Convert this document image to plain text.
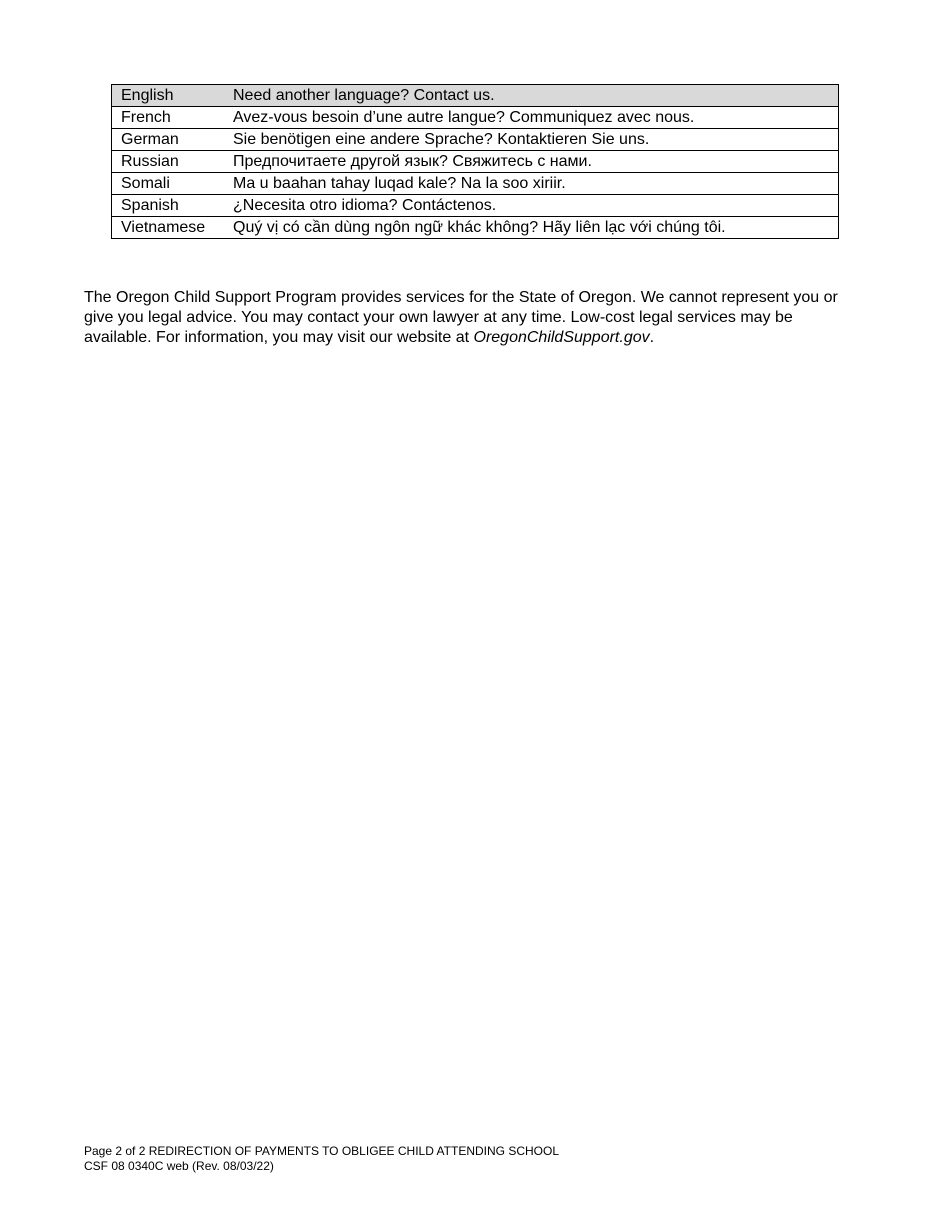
English	Need another language? Contact us.
French	Avez-vous besoin d’une autre langue? Communiquez avec nous.
German	Sie benötigen eine andere Sprache? Kontaktieren Sie uns.
Russian	Предпочитаете другой язык? Свяжитесь с нами.
Somali	Ma u baahan tahay luqad kale? Na la soo xiriir.
Spanish	¿Necesita otro idioma? Contáctenos.
Vietnamese	Quý vị có cần dùng ngôn ngữ khác không? Hãy liên lạc với chúng tôi.

The Oregon Child Support Program provides services for the State of Oregon. We cannot represent you or give you legal advice. You may contact your own lawyer at any time. Low-cost legal services may be available. For information, you may visit our website at OregonChildSupport.gov.

Page 2 of 2 REDIRECTION OF PAYMENTS TO OBLIGEE CHILD ATTENDING SCHOOL
CSF 08 0340C web (Rev. 08/03/22)
